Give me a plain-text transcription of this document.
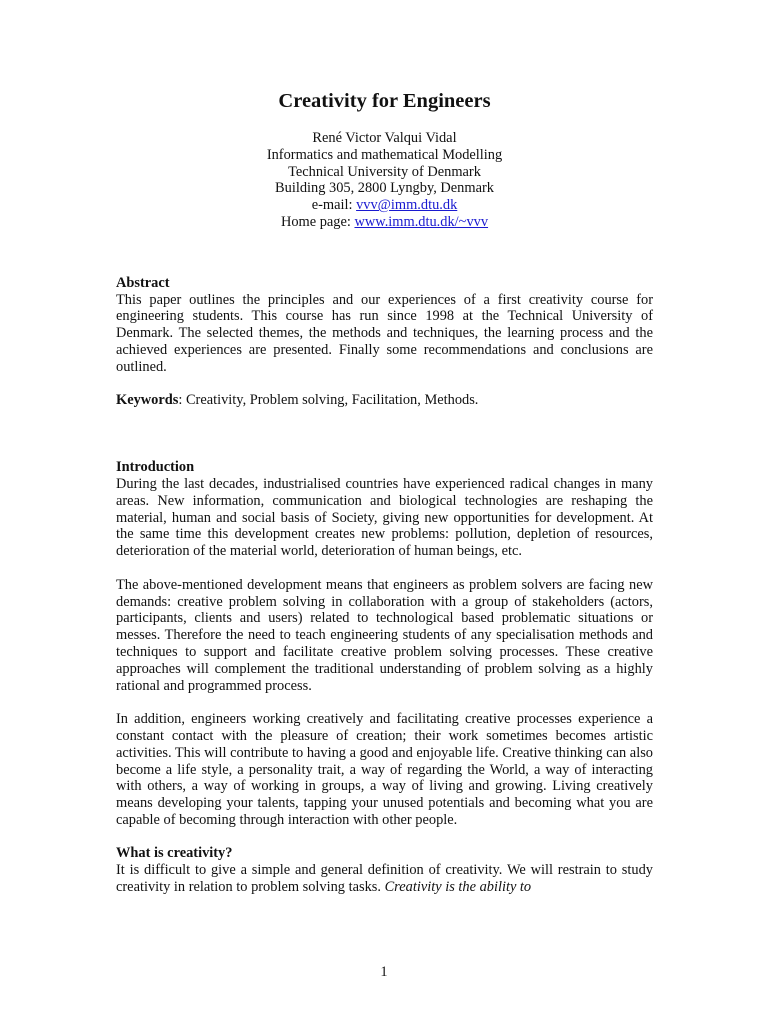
Creativity for Engineers
René Victor Valqui Vidal
Informatics and mathematical Modelling
Technical University of Denmark
Building 305, 2800 Lyngby, Denmark
e-mail: vvv@imm.dtu.dk
Home page: www.imm.dtu.dk/~vvv
Abstract

This paper outlines the principles and our experiences of a first creativity course for engineering students. This course has run since 1998 at the Technical University of Denmark. The selected themes, the methods and techniques, the learning process and the achieved experiences are presented. Finally some recommendations and conclusions are outlined.

Keywords: Creativity, Problem solving, Facilitation, Methods.

Introduction

During the last decades, industrialised countries have experienced radical changes in many areas. New information, communication and biological technologies are reshaping the material, human and social basis of Society, giving new opportunities for development. At the same time this development creates new problems: pollution, depletion of resources, deterioration of the material world, deterioration of human beings, etc.

The above-mentioned development means that engineers as problem solvers are facing new demands: creative problem solving in collaboration with a group of stakeholders (actors, participants, clients and users) related to technological based problematic situations or messes. Therefore the need to teach engineering students of any specialisation methods and techniques to support and facilitate creative problem solving processes. These creative approaches will complement the traditional understanding of problem solving as a highly rational and programmed process.

In addition, engineers working creatively and facilitating creative processes experience a constant contact with the pleasure of creation; their work sometimes becomes artistic activities. This will contribute to having a good and enjoyable life. Creative thinking can also become a life style, a personality trait, a way of regarding the World, a way of interacting with others, a way of working in groups, a way of living and growing. Living creatively means developing your talents, tapping your unused potentials and becoming what you are capable of becoming through interaction with other people.

What is creativity?

It is difficult to give a simple and general definition of creativity. We will restrain to study creativity in relation to problem solving tasks. Creativity is the ability to

1
